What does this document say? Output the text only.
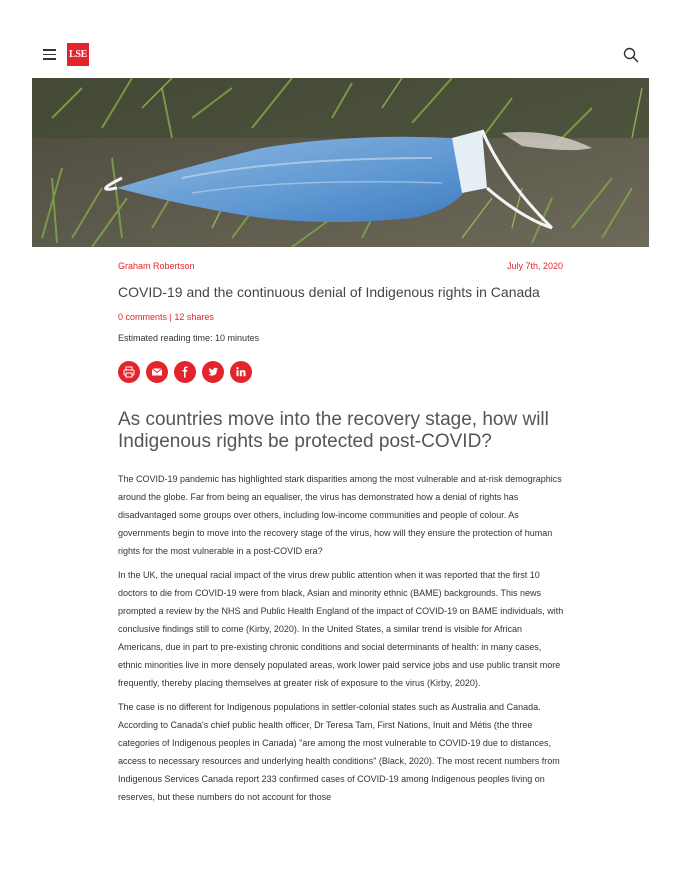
LSE
Graham Robertson	July 7th, 2020
COVID-19 and the continuous denial of Indigenous rights in Canada
0 comments | 12 shares
Estimated reading time: 10 minutes
As countries move into the recovery stage, how will Indigenous rights be protected post-COVID?

The COVID-19 pandemic has highlighted stark disparities among the most vulnerable and at-risk demographics around the globe. Far from being an equaliser, the virus has demonstrated how a denial of rights has disadvantaged some groups over others, including low-income communities and people of colour. As governments begin to move into the recovery stage of the virus, how will they ensure the protection of human rights for the most vulnerable in a post-COVID era?

In the UK, the unequal racial impact of the virus drew public attention when it was reported that the first 10 doctors to die from COVID-19 were from black, Asian and minority ethnic (BAME) backgrounds. This news prompted a review by the NHS and Public Health England of the impact of COVID-19 on BAME individuals, with conclusive findings still to come (Kirby, 2020). In the United States, a similar trend is visible for African Americans, due in part to pre-existing chronic conditions and social determinants of health: in many cases, ethnic minorities live in more densely populated areas, work lower paid service jobs and use public transit more frequently, thereby placing themselves at greater risk of exposure to the virus (Kirby, 2020).

The case is no different for Indigenous populations in settler-colonial states such as Australia and Canada. According to Canada's chief public health officer, Dr Teresa Tam, First Nations, Inuit and Métis (the three categories of Indigenous peoples in Canada) "are among the most vulnerable to COVID-19 due to distances, access to necessary resources and underlying health conditions" (Black, 2020). The most recent numbers from Indigenous Services Canada report 233 confirmed cases of COVID-19 among Indigenous peoples living on reserves, but these numbers do not account for those
